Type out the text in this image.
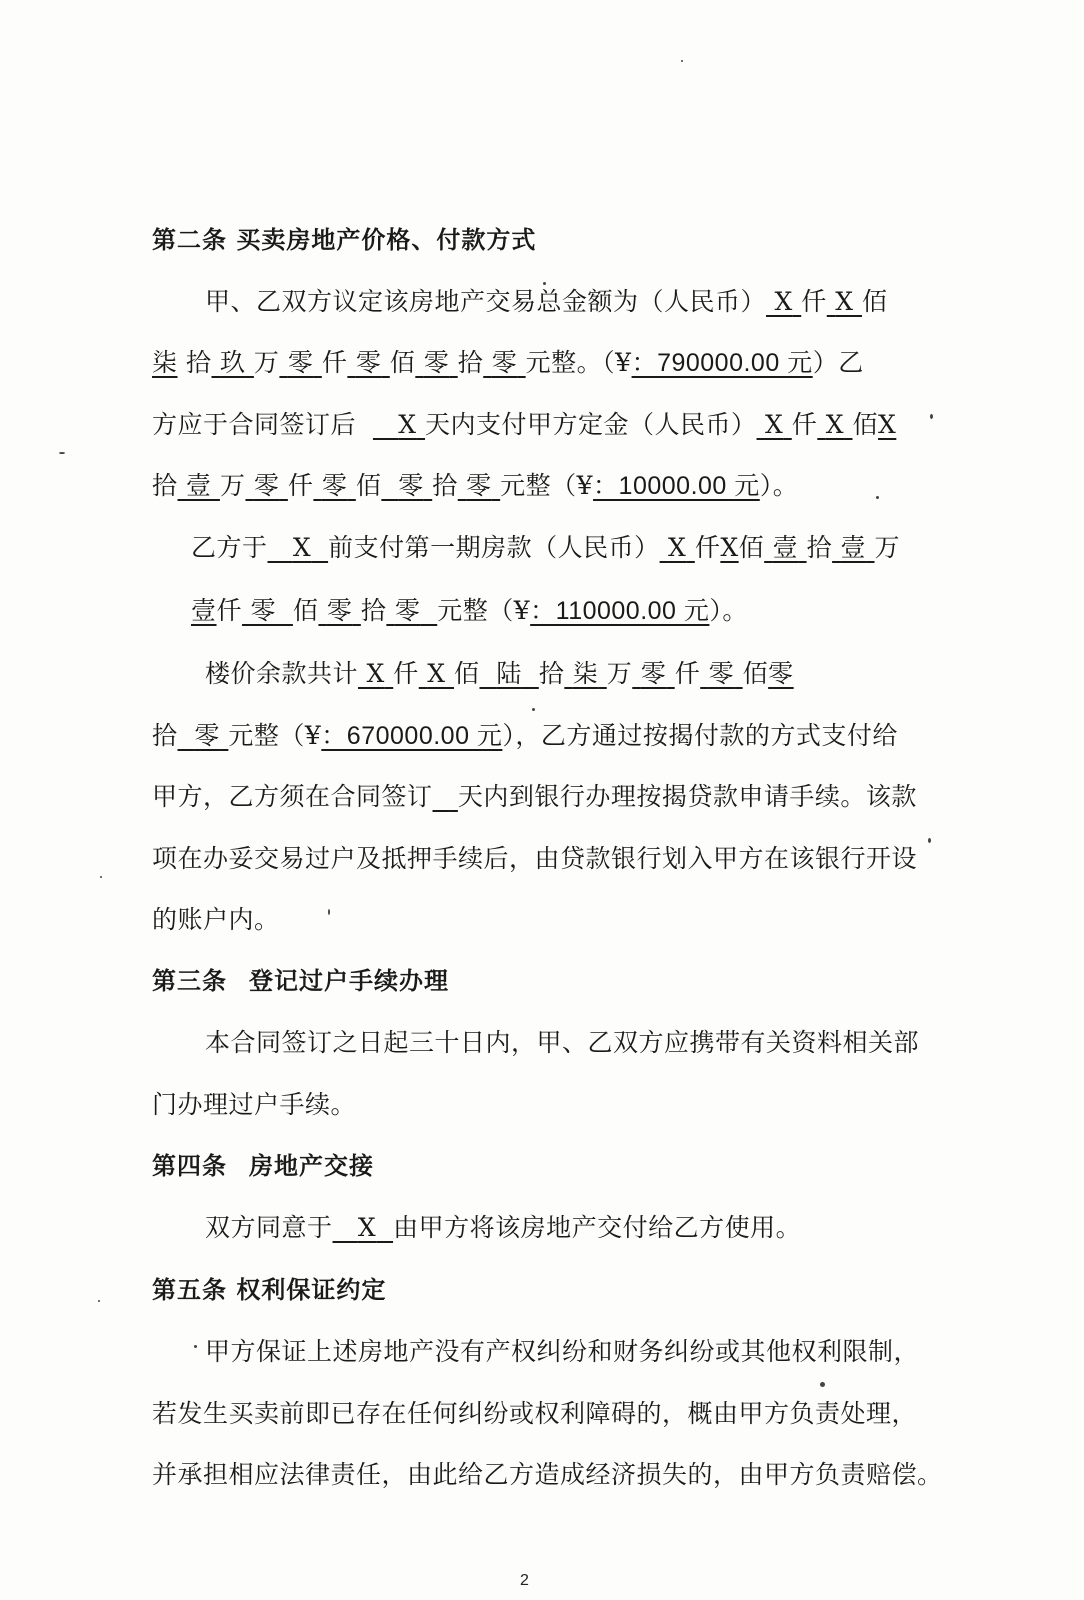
第二条 买卖房地产价格、付款方式
甲、乙双方议定该房地产交易总金额为（人民币） X 仟 X 佰
柒 拾 玖 万 零 仟 零 佰 零 拾 零 元整。（¥：790000.00 元）乙
方应于合同签订后 X 天内支付甲方定金（人民币） X 仟 X 佰X
拾 壹 万 零 仟 零 佰 零 拾 零 元整（¥：10000.00 元）。
乙方于 X 前支付第一期房款（人民币） X 仟X佰 壹 拾 壹 万
壹仟 零 佰 零 拾 零 元整（¥：110000.00 元）。
楼价余款共计 X 仟 X 佰 陆 拾 柒 万 零 仟 零 佰零
拾 零 元整（¥：670000.00 元），乙方通过按揭付款的方式支付给
甲方，乙方须在合同签订 天内到银行办理按揭贷款申请手续。该款
项在办妥交易过户及抵押手续后，由贷款银行划入甲方在该银行开设
的账户内。
第三条 登记过户手续办理
本合同签订之日起三十日内，甲、乙双方应携带有关资料相关部
门办理过户手续。
第四条 房地产交接
双方同意于 X 由甲方将该房地产交付给乙方使用。
第五条 权利保证约定
甲方保证上述房地产没有产权纠纷和财务纠纷或其他权利限制，
若发生买卖前即已存在任何纠纷或权利障碍的，概由甲方负责处理，
并承担相应法律责任，由此给乙方造成经济损失的，由甲方负责赔偿。
2
